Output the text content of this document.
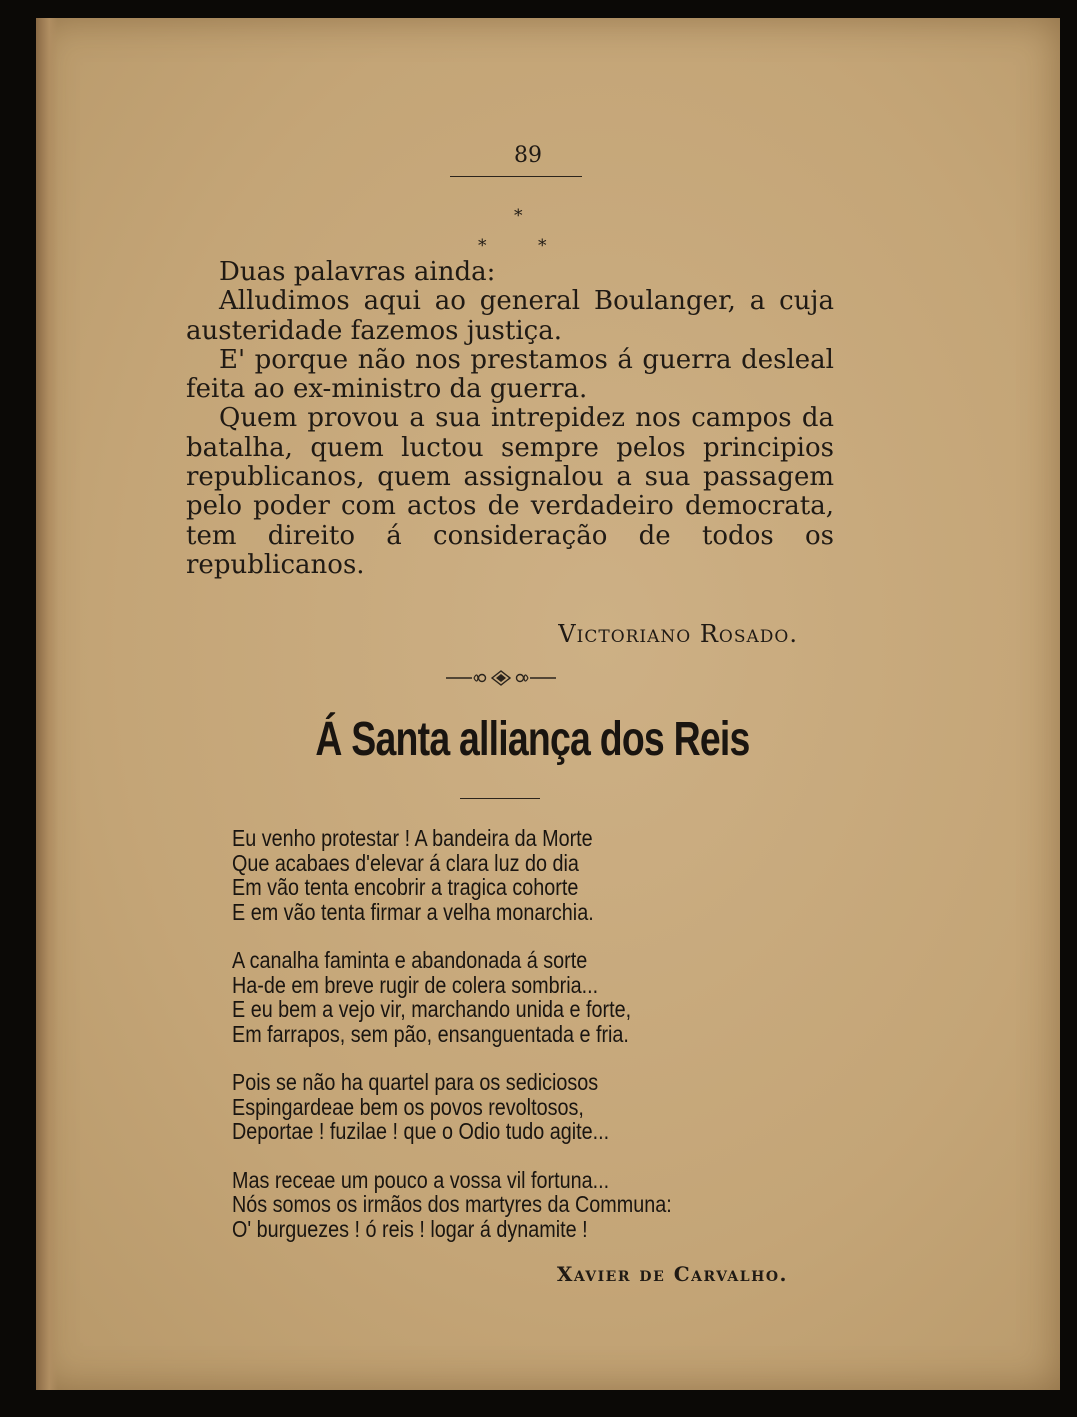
89
*
*	*

Duas palavras ainda:

Alludimos aqui ao general Boulanger, a cuja austeridade fazemos justiça.

E' porque não nos prestamos á guerra desleal feita ao ex-ministro da guerra.

Quem provou a sua intrepidez nos campos da batalha, quem luctou sempre pelos principios republicanos, quem assignalou a sua passagem pelo poder com actos de verdadeiro democrata, tem direito á consideração de todos os republicanos.

Victoriano Rosado.
Á Santa alliança dos Reis
Eu venho protestar ! A bandeira da Morte
Que acabaes d'elevar á clara luz do dia
Em vão tenta encobrir a tragica cohorte
E em vão tenta firmar a velha monarchia.
A canalha faminta e abandonada á sorte
Ha-de em breve rugir de colera sombria...
E eu bem a vejo vir, marchando unida e forte,
Em farrapos, sem pão, ensanguentada e fria.
Pois se não ha quartel para os sediciosos
Espingardeae bem os povos revoltosos,
Deportae ! fuzilae ! que o Odio tudo agite...
Mas receae um pouco a vossa vil fortuna...
Nós somos os irmãos dos martyres da Communa:
O' burguezes ! ó reis ! logar á dynamite !
Xavier de Carvalho.
